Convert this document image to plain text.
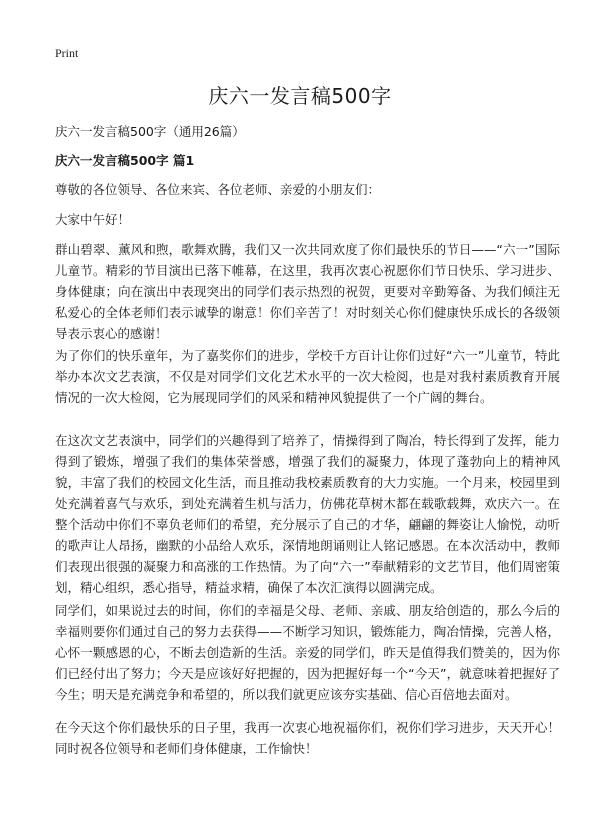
Print
庆六一发言稿500字

庆六一发言稿500字（通用26篇）

庆六一发言稿500字 篇1

尊敬的各位领导、各位来宾、各位老师、亲爱的小朋友们：

大家中午好！

群山碧翠、薰风和煦，歌舞欢腾，我们又一次共同欢度了你们最快乐的节日——“六一”国际儿童节。精彩的节目演出已落下帷幕，在这里，我再次衷心祝愿你们节日快乐、学习进步、身体健康；向在演出中表现突出的同学们表示热烈的祝贺，更要对辛勤筹备、为我们倾注无私爱心的全体老师们表示诚挚的谢意！你们辛苦了！对时刻关心你们健康快乐成长的各级领导表示衷心的感谢！

为了你们的快乐童年，为了嘉奖你们的进步，学校千方百计让你们过好“六一”儿童节，特此举办本次文艺表演，不仅是对同学们文化艺术水平的一次大检阅，也是对我村素质教育开展情况的一次大检阅，它为展现同学们的风采和精神风貌提供了一个广阔的舞台。

在这次文艺表演中，同学们的兴趣得到了培养了，情操得到了陶冶，特长得到了发挥，能力得到了锻炼，增强了我们的集体荣誉感，增强了我们的凝聚力，体现了蓬勃向上的精神风貌，丰富了我们的校园文化生活，而且推动我校素质教育的大力实施。一个月来，校园里到处充满着喜气与欢乐，到处充满着生机与活力，仿佛花草树木都在载歌载舞，欢庆六一。在整个活动中你们不辜负老师们的希望，充分展示了自己的才华，翩翩的舞姿让人愉悦，动听的歌声让人昂扬，幽默的小品给人欢乐，深情地朗诵则让人铭记感恩。在本次活动中，教师们表现出很强的凝聚力和高涨的工作热情。为了向“六一”奉献精彩的文艺节目，他们周密策划，精心组织，悉心指导，精益求精，确保了本次汇演得以圆满完成。

同学们，如果说过去的时间，你们的幸福是父母、老师、亲戚、朋友给创造的，那么今后的幸福则要你们通过自己的努力去获得——不断学习知识，锻炼能力，陶冶情操，完善人格，心怀一颗感恩的心，不断去创造新的生活。亲爱的同学们，昨天是值得我们赞美的，因为你们已经付出了努力；今天是应该好好把握的，因为把握好每一个“今天”，就意味着把握好了今生；明天是充满竞争和希望的，所以我们就更应该夯实基础、信心百倍地去面对。

在今天这个你们最快乐的日子里，我再一次衷心地祝福你们，祝你们学习进步，天天开心！同时祝各位领导和老师们身体健康，工作愉快！
